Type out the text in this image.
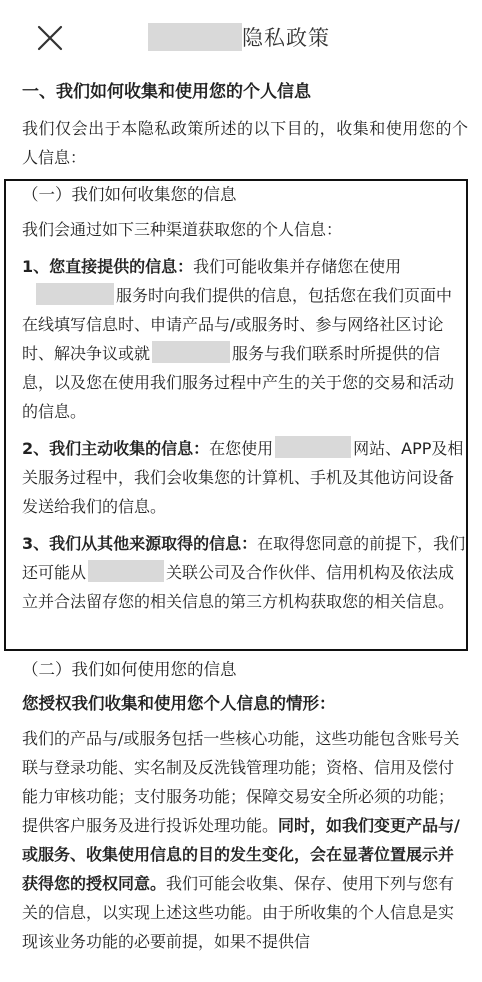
隐私政策
一、我们如何收集和使用您的个人信息

我们仅会出于本隐私政策所述的以下目的，收集和使用您的个人信息：

（一）我们如何收集您的信息

我们会通过如下三种渠道获取您的个人信息：

1、您直接提供的信息：我们可能收集并存储您在使用
服务时向我们提供的信息，包括您在我们页面中在线填写信息时、申请产品与/或服务时、参与网络社区讨论时、解决争议或就	服务与我们联系时所提供的信息，以及您在使用我们服务过程中产生的关于您的交易和活动的信息。

2、我们主动收集的信息：在您使用	网站、APP及相关服务过程中，我们会收集您的计算机、手机及其他访问设备发送给我们的信息。

3、我们从其他来源取得的信息：在取得您同意的前提下，我们还可能从	关联公司及合作伙伴、信用机构及依法成立并合法留存您的相关信息的第三方机构获取您的相关信息。

（二）我们如何使用您的信息
您授权我们收集和使用您个人信息的情形：

我们的产品与/或服务包括一些核心功能，这些功能包含账号关联与登录功能、实名制及反洗钱管理功能；资格、信用及偿付能力审核功能；支付服务功能；保障交易安全所必须的功能；提供客户服务及进行投诉处理功能。同时，如我们变更产品与/或服务、收集使用信息的目的发生变化，会在显著位置展示并获得您的授权同意。我们可能会收集、保存、使用下列与您有关的信息，以实现上述这些功能。由于所收集的个人信息是实现该业务功能的必要前提，如果不提供信
